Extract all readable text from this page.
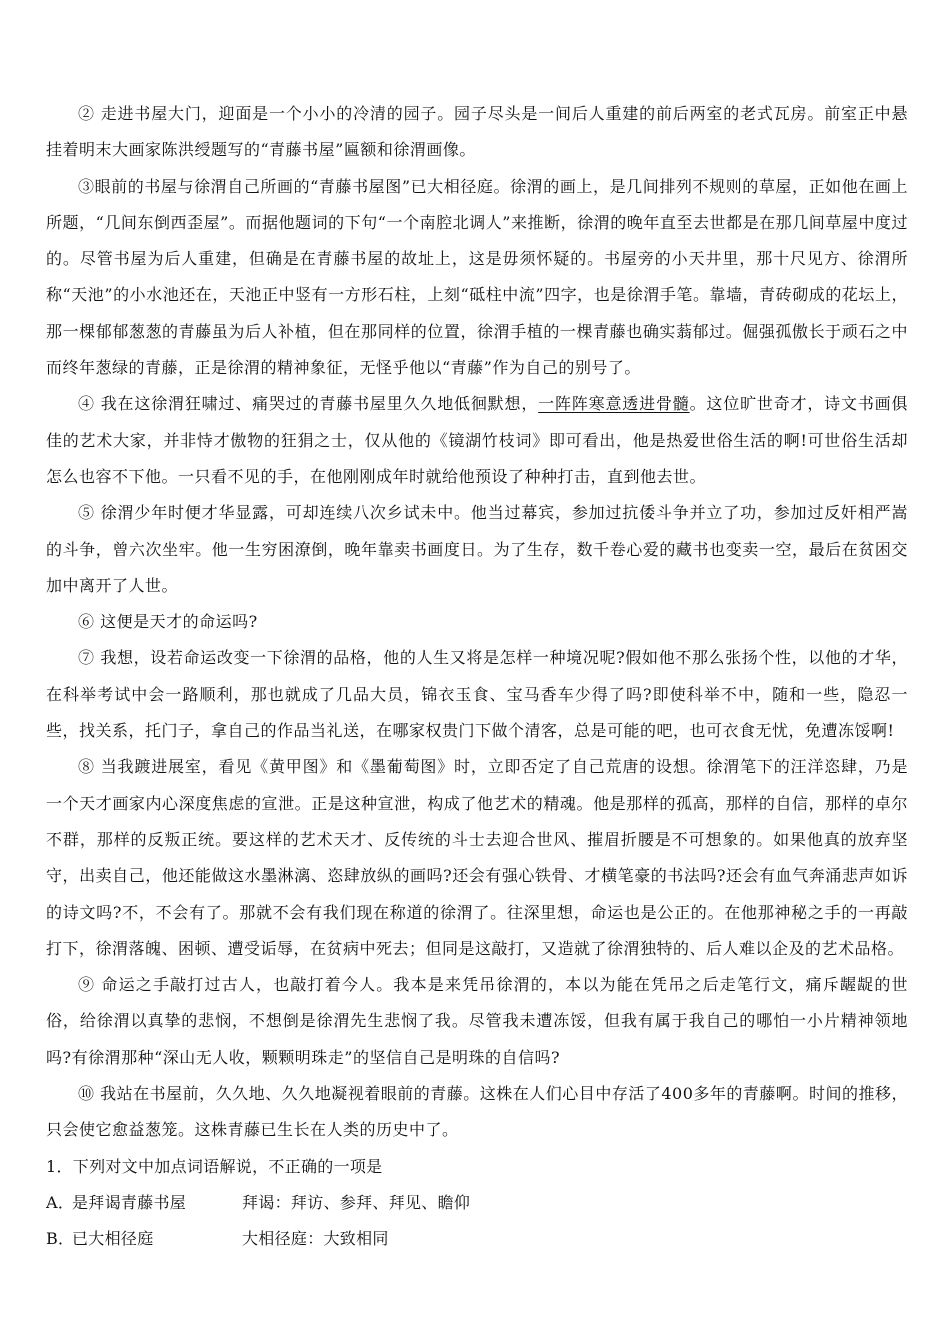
② 走进书屋大门，迎面是一个小小的冷清的园子。园子尽头是一间后人重建的前后两室的老式瓦房。前室正中悬挂着明末大画家陈洪绶题写的“青藤书屋”匾额和徐渭画像。

③眼前的书屋与徐渭自己所画的“青藤书屋图”已大相径庭。徐渭的画上，是几间排列不规则的草屋，正如他在画上所题，“几间东倒西歪屋”。而据他题词的下句“一个南腔北调人”来推断，徐渭的晚年直至去世都是在那几间草屋中度过的。尽管书屋为后人重建，但确是在青藤书屋的故址上，这是毋须怀疑的。书屋旁的小天井里，那十尺见方、徐渭所称“天池”的小水池还在，天池正中竖有一方形石柱，上刻“砥柱中流”四字，也是徐渭手笔。靠墙，青砖砌成的花坛上，那一棵郁郁葱葱的青藤虽为后人补植，但在那同样的位置，徐渭手植的一棵青藤也确实蓊郁过。倔强孤傲长于顽石之中而终年葱绿的青藤，正是徐渭的精神象征，无怪乎他以“青藤”作为自己的别号了。

④ 我在这徐渭狂啸过、痛哭过的青藤书屋里久久地低徊默想，一阵阵寒意透进骨髓。这位旷世奇才，诗文书画俱佳的艺术大家，并非恃才傲物的狂狷之士，仅从他的《镜湖竹枝词》即可看出，他是热爱世俗生活的啊!可世俗生活却怎么也容不下他。一只看不见的手，在他刚刚成年时就给他预设了种种打击，直到他去世。

⑤ 徐渭少年时便才华显露，可却连续八次乡试未中。他当过幕宾，参加过抗倭斗争并立了功，参加过反奸相严嵩的斗争，曾六次坐牢。他一生穷困潦倒，晚年靠卖书画度日。为了生存，数千卷心爱的藏书也变卖一空，最后在贫困交加中离开了人世。

⑥ 这便是天才的命运吗?

⑦ 我想，设若命运改变一下徐渭的品格，他的人生又将是怎样一种境况呢?假如他不那么张扬个性，以他的才华，在科举考试中会一路顺利，那也就成了几品大员，锦衣玉食、宝马香车少得了吗?即使科举不中，随和一些，隐忍一些，找关系，托门子，拿自己的作品当礼送，在哪家权贵门下做个清客，总是可能的吧，也可衣食无忧，免遭冻馁啊!

⑧ 当我踱进展室，看见《黄甲图》和《墨葡萄图》时，立即否定了自己荒唐的设想。徐渭笔下的汪洋恣肆，乃是一个天才画家内心深度焦虑的宣泄。正是这种宣泄，构成了他艺术的精魂。他是那样的孤高，那样的自信，那样的卓尔不群，那样的反叛正统。要这样的艺术天才、反传统的斗士去迎合世风、摧眉折腰是不可想象的。如果他真的放弃坚守，出卖自己，他还能做这水墨淋漓、恣肆放纵的画吗?还会有强心铁骨、才横笔豪的书法吗?还会有血气奔涌悲声如诉的诗文吗?不，不会有了。那就不会有我们现在称道的徐渭了。往深里想，命运也是公正的。在他那神秘之手的一再敲打下，徐渭落魄、困顿、遭受诟辱，在贫病中死去；但同是这敲打，又造就了徐渭独特的、后人难以企及的艺术品格。

⑨ 命运之手敲打过古人，也敲打着今人。我本是来凭吊徐渭的，本以为能在凭吊之后走笔行文，痛斥龌龊的世俗，给徐渭以真挚的悲悯，不想倒是徐渭先生悲悯了我。尽管我未遭冻馁，但我有属于我自己的哪怕一小片精神领地吗?有徐渭那种“深山无人收，颗颗明珠走”的坚信自己是明珠的自信吗?

⑩ 我站在书屋前，久久地、久久地凝视着眼前的青藤。这株在人们心目中存活了400多年的青藤啊。时间的推移，只会使它愈益葱笼。这株青藤已生长在人类的历史中了。

1．下列对文中加点词语解说，不正确的一项是

A．
是拜谒青藤书屋	拜谒：拜访、参拜、拜见、瞻仰
B．
已大相径庭	大相径庭：大致相同
